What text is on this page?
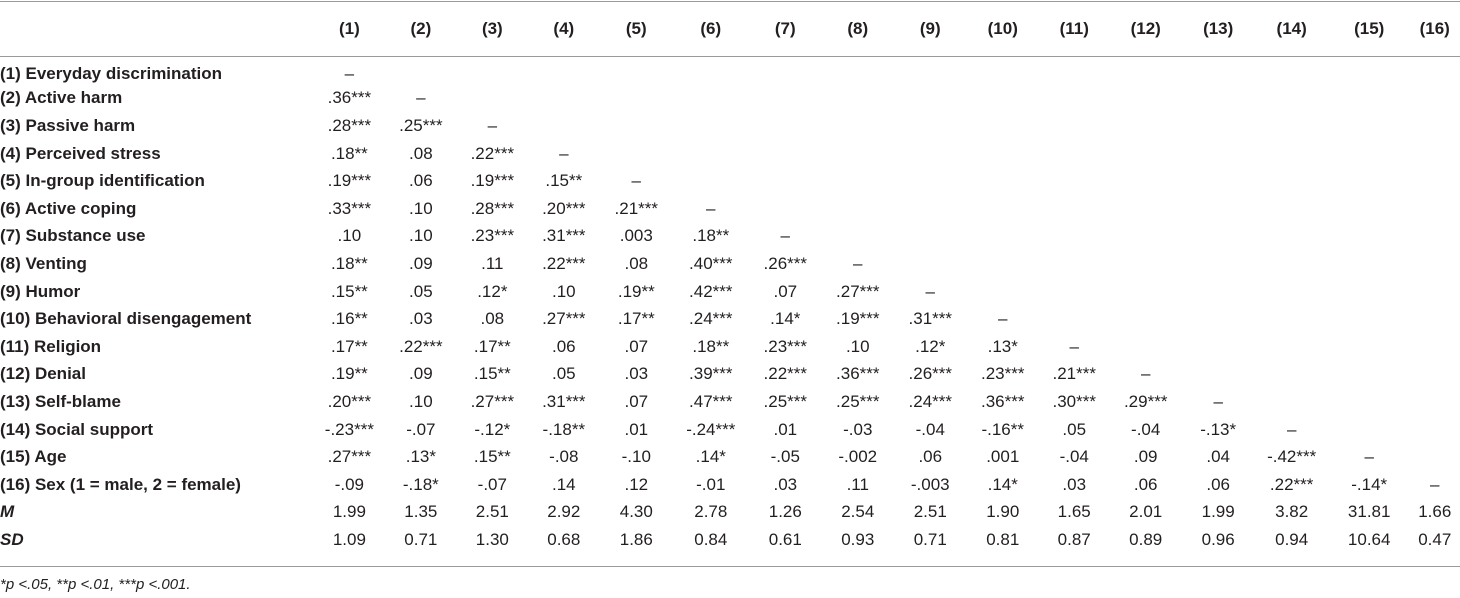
	(1)	(2)	(3)	(4)	(5)	(6)	(7)	(8)	(9)	(10)	(11)	(12)	(13)	(14)	(15)	(16)
(1) Everyday discrimination	–															
(2) Active harm	.36***	–														
(3) Passive harm	.28***	.25***	–													
(4) Perceived stress	.18**	.08	.22***	–												
(5) In-group identification	.19***	.06	.19***	.15**	–											
(6) Active coping	.33***	.10	.28***	.20***	.21***	–										
(7) Substance use	.10	.10	.23***	.31***	.003	.18**	–									
(8) Venting	.18**	.09	.11	.22***	.08	.40***	.26***	–								
(9) Humor	.15**	.05	.12*	.10	.19**	.42***	.07	.27***	–							
(10) Behavioral disengagement	.16**	.03	.08	.27***	.17**	.24***	.14*	.19***	.31***	–						
(11) Religion	.17**	.22***	.17**	.06	.07	.18**	.23***	.10	.12*	.13*	–					
(12) Denial	.19**	.09	.15**	.05	.03	.39***	.22***	.36***	.26***	.23***	.21***	–				
(13) Self-blame	.20***	.10	.27***	.31***	.07	.47***	.25***	.25***	.24***	.36***	.30***	.29***	–			
(14) Social support	-.23***	-.07	-.12*	-.18**	.01	-.24***	.01	-.03	-.04	-.16**	.05	-.04	-.13*	–		
(15) Age	.27***	.13*	.15**	-.08	-.10	.14*	-.05	-.002	.06	.001	-.04	.09	.04	-.42***	–	
(16) Sex (1 = male, 2 = female)	-.09	-.18*	-.07	.14	.12	-.01	.03	.11	-.003	.14*	.03	.06	.06	.22***	-.14*	–
M	1.99	1.35	2.51	2.92	4.30	2.78	1.26	2.54	2.51	1.90	1.65	2.01	1.99	3.82	31.81	1.66
SD	1.09	0.71	1.30	0.68	1.86	0.84	0.61	0.93	0.71	0.81	0.87	0.89	0.96	0.94	10.64	0.47
*p <.05, **p <.01, ***p <.001.
